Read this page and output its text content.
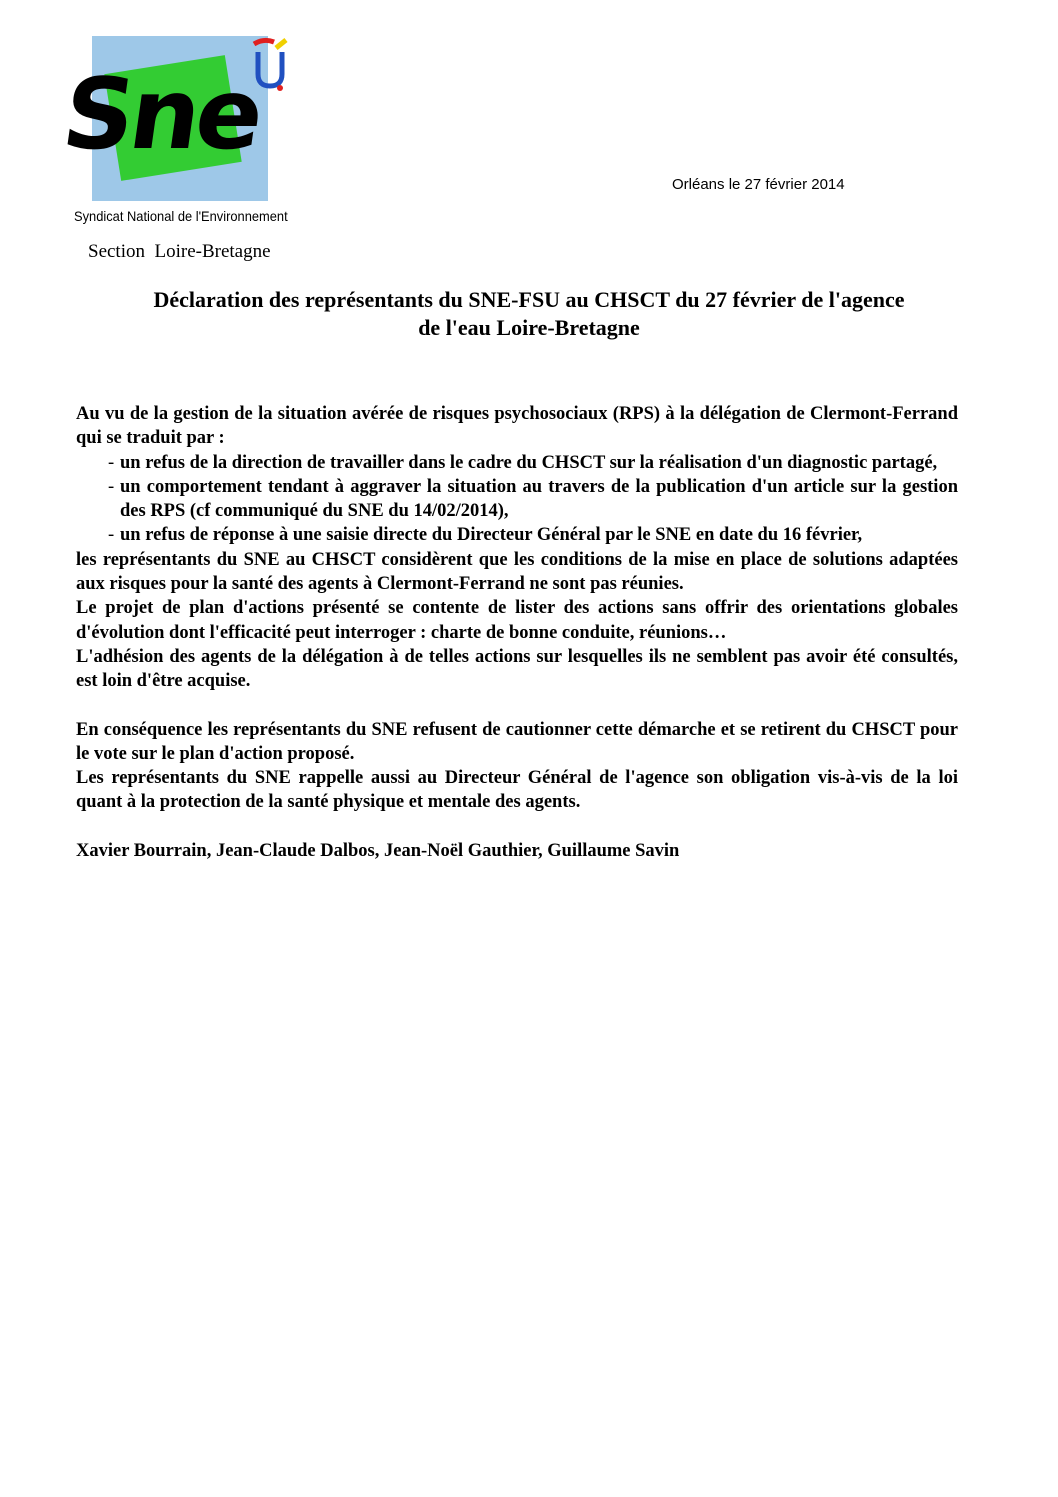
Sne
Syndicat National de l'Environnement
Orléans le 27 février 2014
Section  Loire-Bretagne
Déclaration des représentants du SNE-FSU au CHSCT du 27 février de l'agence
de l'eau Loire-Bretagne

Au vu de la gestion de la situation avérée de risques psychosociaux (RPS) à la délégation de Clermont-Ferrand qui se traduit par :

- un refus de la direction de travailler dans le cadre du CHSCT sur la réalisation d'un diagnostic partagé,
- un comportement tendant à aggraver la situation au travers de la publication d'un article sur la gestion des RPS (cf communiqué du SNE du 14/02/2014),
- un refus de réponse à une saisie directe du Directeur Général par le SNE en date du 16 février,

les représentants du SNE au CHSCT considèrent que les conditions de la mise en place de solutions adaptées aux risques pour la santé des agents à Clermont-Ferrand ne sont pas réunies.

Le projet de plan d'actions présenté se contente de lister des actions sans offrir des orientations globales d'évolution dont l'efficacité peut interroger : charte de bonne conduite, réunions…

L'adhésion des agents de la délégation à de telles actions sur lesquelles ils ne semblent pas avoir été consultés, est loin d'être acquise.

En conséquence les représentants du SNE refusent de cautionner cette démarche et se retirent du CHSCT pour le vote sur le plan d'action proposé.

Les représentants du SNE rappelle aussi au Directeur Général de l'agence son obligation vis-à-vis de la loi quant à la protection de la santé physique et mentale des agents.

Xavier Bourrain, Jean-Claude Dalbos, Jean-Noël Gauthier, Guillaume Savin
